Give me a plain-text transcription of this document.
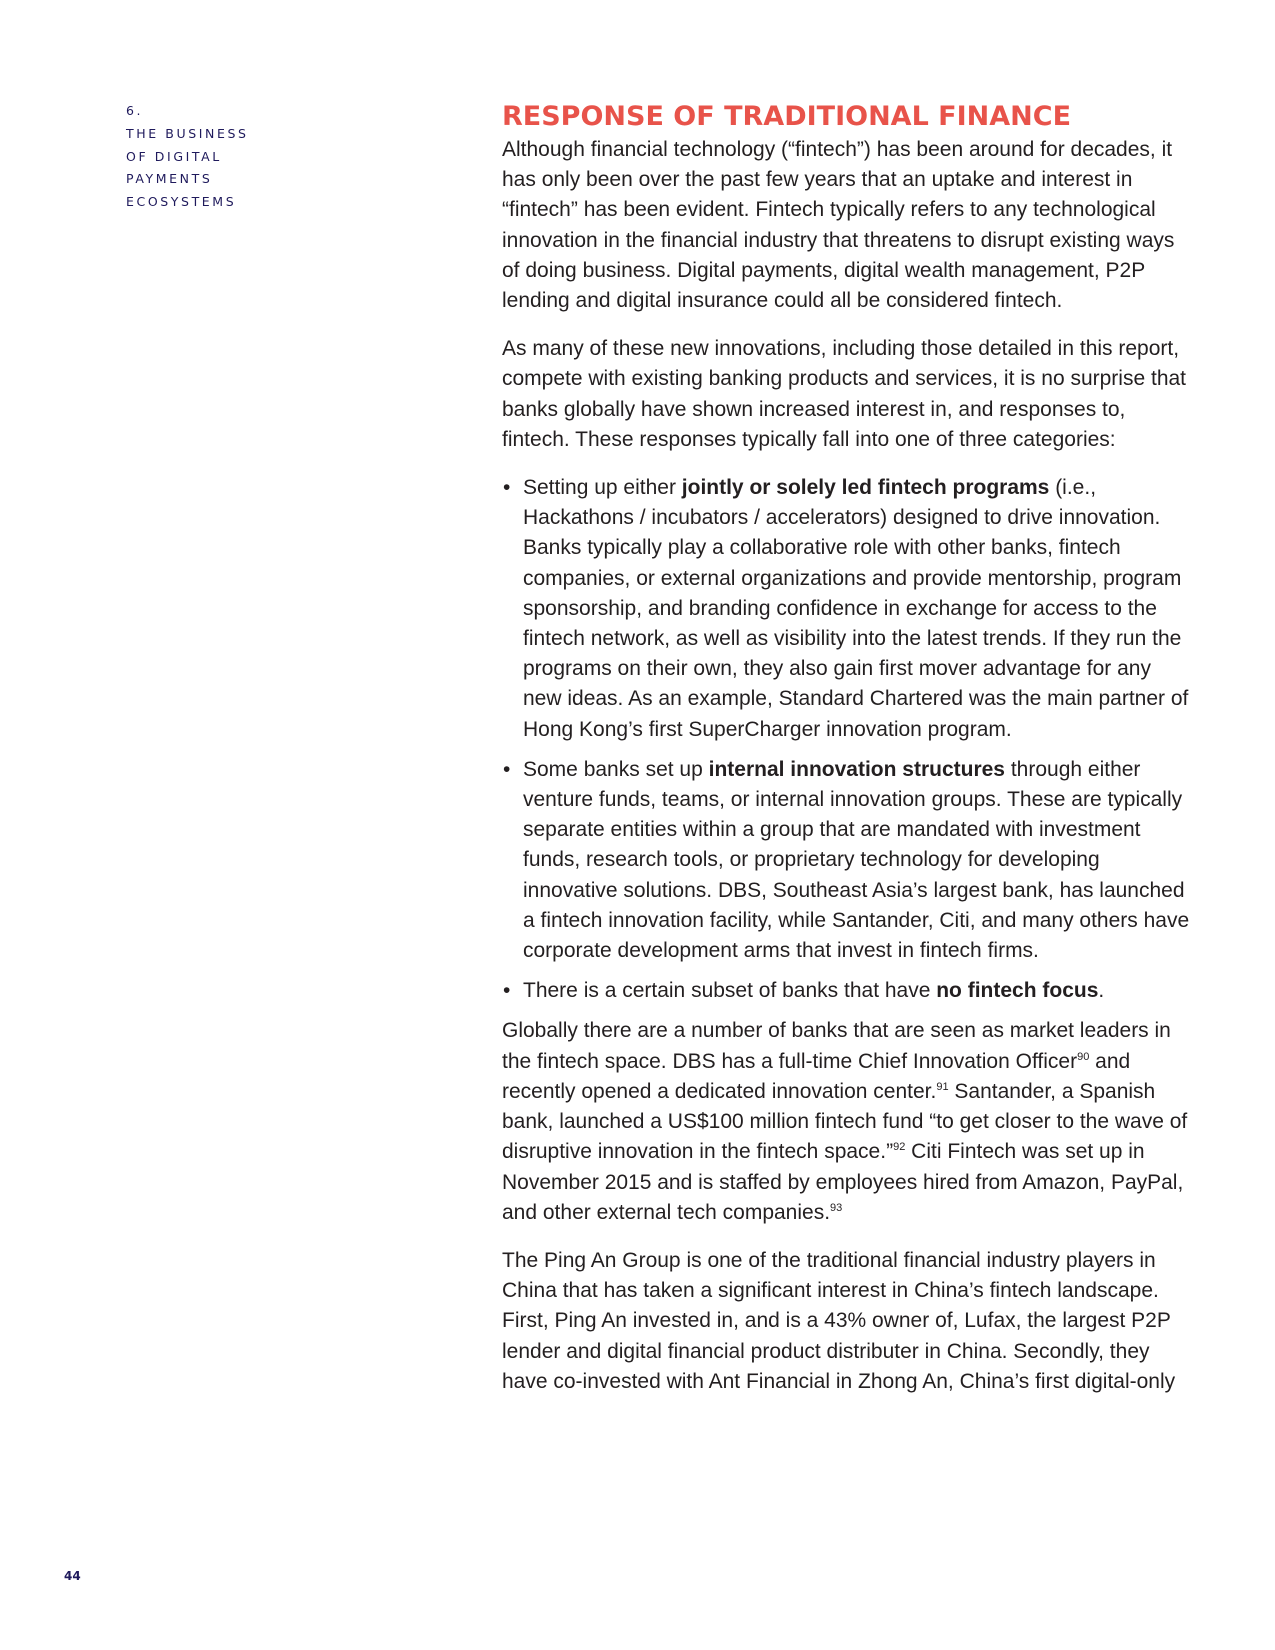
6.
THE BUSINESS
OF DIGITAL
PAYMENTS
ECOSYSTEMS
RESPONSE OF TRADITIONAL FINANCE

Although financial technology (“fintech”) has been around for decades, it has only been over the past few years that an uptake and interest in “fintech” has been evident. Fintech typically refers to any technological innovation in the financial industry that threatens to disrupt existing ways of doing business. Digital payments, digital wealth management, P2P lending and digital insurance could all be considered fintech.

As many of these new innovations, including those detailed in this report, compete with existing banking products and services, it is no surprise that banks globally have shown increased interest in, and responses to, fintech. These responses typically fall into one of three categories:

• Setting up either jointly or solely led fintech programs (i.e., Hackathons / incubators / accelerators) designed to drive innovation. Banks typically play a collaborative role with other banks, fintech companies, or external organizations and provide mentorship, program sponsorship, and branding confidence in exchange for access to the fintech network, as well as visibility into the latest trends. If they run the programs on their own, they also gain first mover advantage for any new ideas. As an example, Standard Chartered was the main partner of Hong Kong’s first SuperCharger innovation program.
• Some banks set up internal innovation structures through either venture funds, teams, or internal innovation groups. These are typically separate entities within a group that are mandated with investment funds, research tools, or proprietary technology for developing innovative solutions. DBS, Southeast Asia’s largest bank, has launched a fintech innovation facility, while Santander, Citi, and many others have corporate development arms that invest in fintech firms.
• There is a certain subset of banks that have no fintech focus.

Globally there are a number of banks that are seen as market leaders in the fintech space. DBS has a full-time Chief Innovation Officer$^{90}$ and recently opened a dedicated innovation center.$^{91}$ Santander, a Spanish bank, launched a US$100 million fintech fund “to get closer to the wave of disruptive innovation in the fintech space.”$^{92}$ Citi Fintech was set up in November 2015 and is staffed by employees hired from Amazon, PayPal, and other external tech companies.$^{93}$

The Ping An Group is one of the traditional financial industry players in China that has taken a significant interest in China’s fintech landscape. First, Ping An invested in, and is a 43% owner of, Lufax, the largest P2P lender and digital financial product distributer in China. Secondly, they have co-invested with Ant Financial in Zhong An, China’s first digital-only

44
